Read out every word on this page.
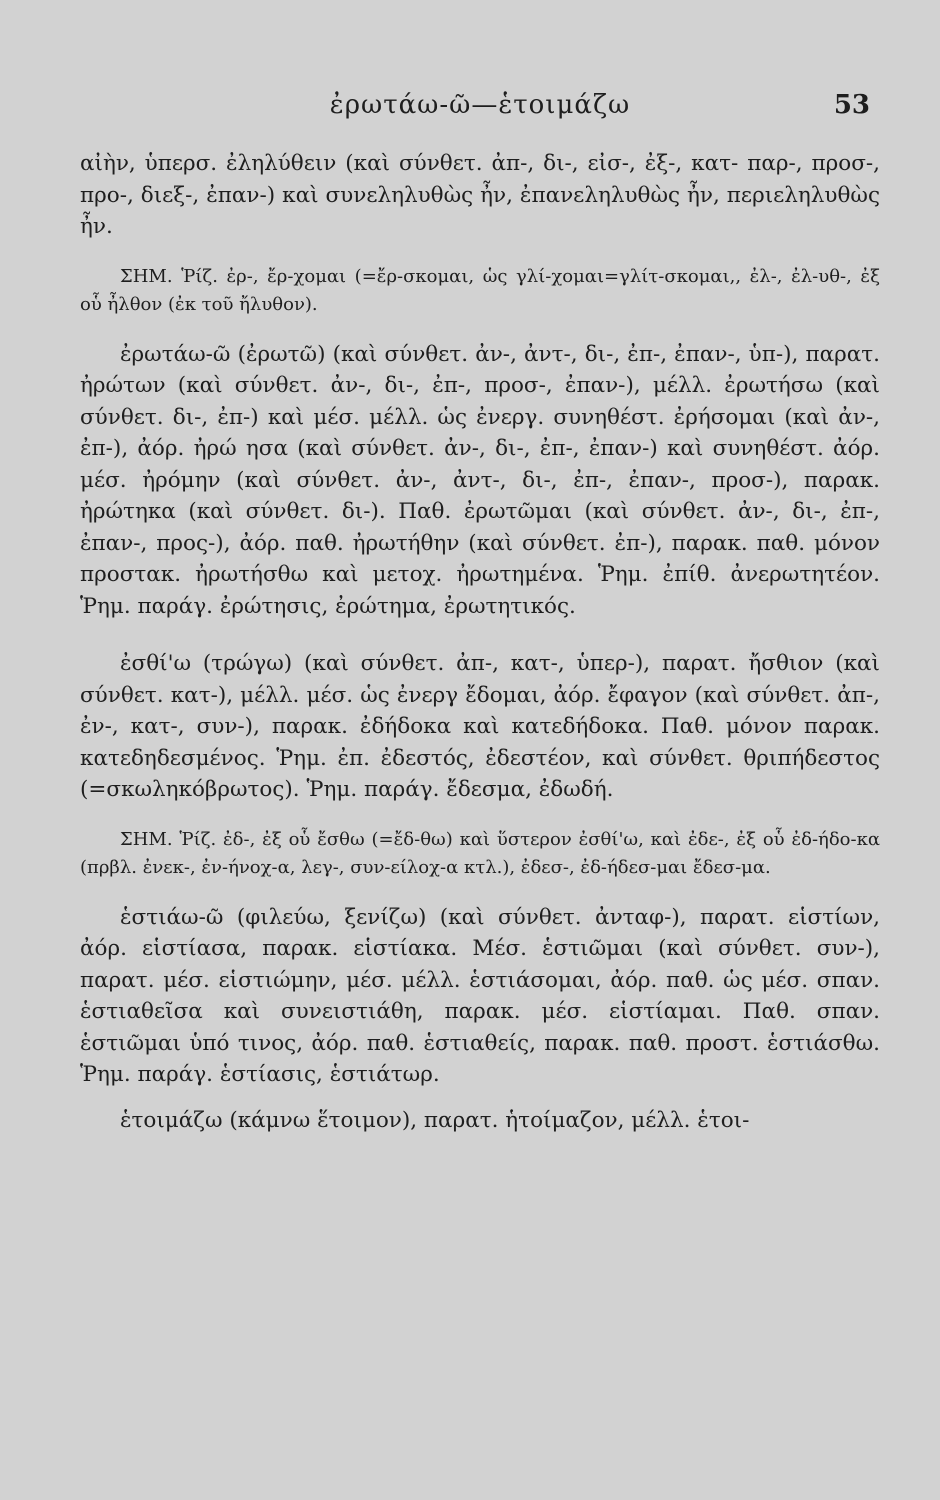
ἐρωτάω-ῶ—ἑτοιμάζω	53

αἰὴν, ὑπερσ. ἐληλύθειν (καὶ σύνθετ. ἀπ-, δι-, εἰσ-, ἐξ-, κατ- παρ-, προσ-, προ-, διεξ-, ἐπαν-) καὶ συνεληλυθὼς ἦν, ἐπανεληλυθὼς ἦν, περιεληλυθὼς ἦν.

ΣΗΜ. Ῥίζ. ἐρ-, ἔρ-χομαι (=ἔρ-σκομαι, ὡς γλί-χομαι=γλίτ-σκομαι,, ἐλ-, ἐλ-υθ-, ἐξ οὗ ἦλθον (ἐκ τοῦ ἤλυθον).

ἐρωτάω-ῶ (ἐρωτῶ) (καὶ σύνθετ. ἀν-, ἀντ-, δι-, ἐπ-, ἐπαν-, ὑπ-), παρατ. ἠρώτων (καὶ σύνθετ. ἀν-, δι-, ἐπ-, προσ-, ἐπαν-), μέλλ. ἐρωτήσω (καὶ σύνθετ. δι-, ἐπ-) καὶ μέσ. μέλλ. ὡς ἐνεργ. συνηθέστ. ἐρήσομαι (καὶ ἀν-, ἐπ-), ἀόρ. ἠρώ ησα (καὶ σύνθετ. ἀν-, δι-, ἐπ-, ἐπαν-) καὶ συνηθέστ. ἀόρ. μέσ. ἠρόμην (καὶ σύνθετ. ἀν-, ἀντ-, δι-, ἐπ-, ἐπαν-, προσ-), παρακ. ἠρώτηκα (καὶ σύνθετ. δι-). Παθ. ἐρωτῶμαι (καὶ σύνθετ. ἀν-, δι-, ἐπ-, ἐπαν-, προς-), ἀόρ. παθ. ἠρωτήθην (καὶ σύνθετ. ἐπ-), παρακ. παθ. μόνον προστακ. ἠρωτήσθω καὶ μετοχ. ἠρωτημένα. Ῥημ. ἐπίθ. ἀνερωτητέον. Ῥημ. παράγ. ἐρώτησις, ἐρώτημα, ἐρωτητικός.

ἐσθί'ω (τρώγω) (καὶ σύνθετ. ἀπ-, κατ-, ὑπερ-), παρατ. ἤσθιον (καὶ σύνθετ. κατ-), μέλλ. μέσ. ὡς ἐνεργ ἔδομαι, ἀόρ. ἔφαγον (καὶ σύνθετ. ἀπ-, ἐν-, κατ-, συν-), παρακ. ἐδήδοκα καὶ κατεδήδοκα. Παθ. μόνον παρακ. κατεδηδεσμένος. Ῥημ. ἐπ. ἐδεστός, ἐδεστέον, καὶ σύνθετ. θριπήδεστος (=σκωληκόβρωτος). Ῥημ. παράγ. ἔδεσμα, ἐδωδή.

ΣΗΜ. Ῥίζ. ἐδ-, ἐξ οὗ ἔσθω (=ἔδ-θω) καὶ ὕστερον ἐσθί'ω, καὶ ἐδε-, ἐξ οὗ ἐδ-ήδο-κα (πρβλ. ἐνεκ-, ἐν-ήνοχ-α, λεγ-, συν-είλοχ-α κτλ.), ἐδεσ-, ἐδ-ήδεσ-μαι ἔδεσ-μα.

ἑστιάω-ῶ (φιλεύω, ξενίζω) (καὶ σύνθετ. ἀνταφ-), παρατ. εἱστίων, ἀόρ. εἱστίασα, παρακ. εἱστίακα. Μέσ. ἑστιῶμαι (καὶ σύνθετ. συν-), παρατ. μέσ. εἱστιώμην, μέσ. μέλλ. ἑστιάσομαι, ἀόρ. παθ. ὡς μέσ. σπαν. ἑστιαθεῖσα καὶ συνειστιάθη, παρακ. μέσ. εἱστίαμαι. Παθ. σπαν. ἑστιῶμαι ὑπό τινος, ἀόρ. παθ. ἑστιαθείς, παρακ. παθ. προστ. ἑστιάσθω. Ῥημ. παράγ. ἑστίασις, ἑστιάτωρ.

ἑτοιμάζω (κάμνω ἕτοιμον), παρατ. ἡτοίμαζον, μέλλ. ἑτοι-
